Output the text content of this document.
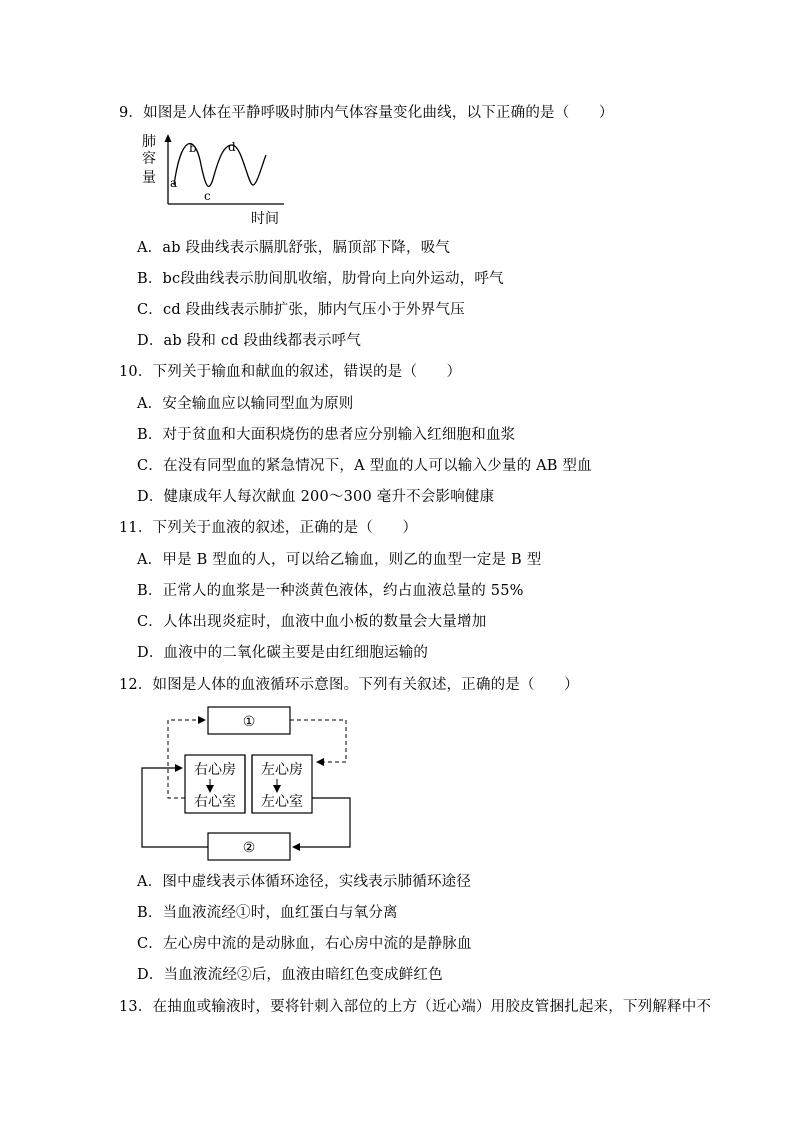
9．如图是人体在平静呼吸时肺内气体容量变化曲线，以下正确的是（　　）
肺
容
量 a
b
c
d
时间
A．ab 段曲线表示膈肌舒张，膈顶部下降，吸气
B．bc段曲线表示肋间肌收缩，肋骨向上向外运动，呼气
C．cd 段曲线表示肺扩张，肺内气压小于外界气压
D．ab 段和 cd 段曲线都表示呼气
10．下列关于输血和献血的叙述，错误的是（　　）
A．安全输血应以输同型血为原则
B．对于贫血和大面积烧伤的患者应分别输入红细胞和血浆
C．在没有同型血的紧急情况下，A 型血的人可以输入少量的 AB 型血
D．健康成年人每次献血 200～300 毫升不会影响健康
11．下列关于血液的叙述，正确的是（　　）
A．甲是 B 型血的人，可以给乙输血，则乙的血型一定是 B 型
B．正常人的血浆是一种淡黄色液体，约占血液总量的 55%
C．人体出现炎症时，血液中血小板的数量会大量增加
D．血液中的二氧化碳主要是由红细胞运输的
12．如图是人体的血液循环示意图。下列有关叙述，正确的是（　　）
①
右心房 左心房
右心室 左心室
②
A．图中虚线表示体循环途径，实线表示肺循环途径
B．当血液流经①时，血红蛋白与氧分离
C．左心房中流的是动脉血，右心房中流的是静脉血
D．当血液流经②后，血液由暗红色变成鲜红色
13．在抽血或输液时，要将针刺入部位的上方（近心端）用胶皮管捆扎起来，下列解释中不
